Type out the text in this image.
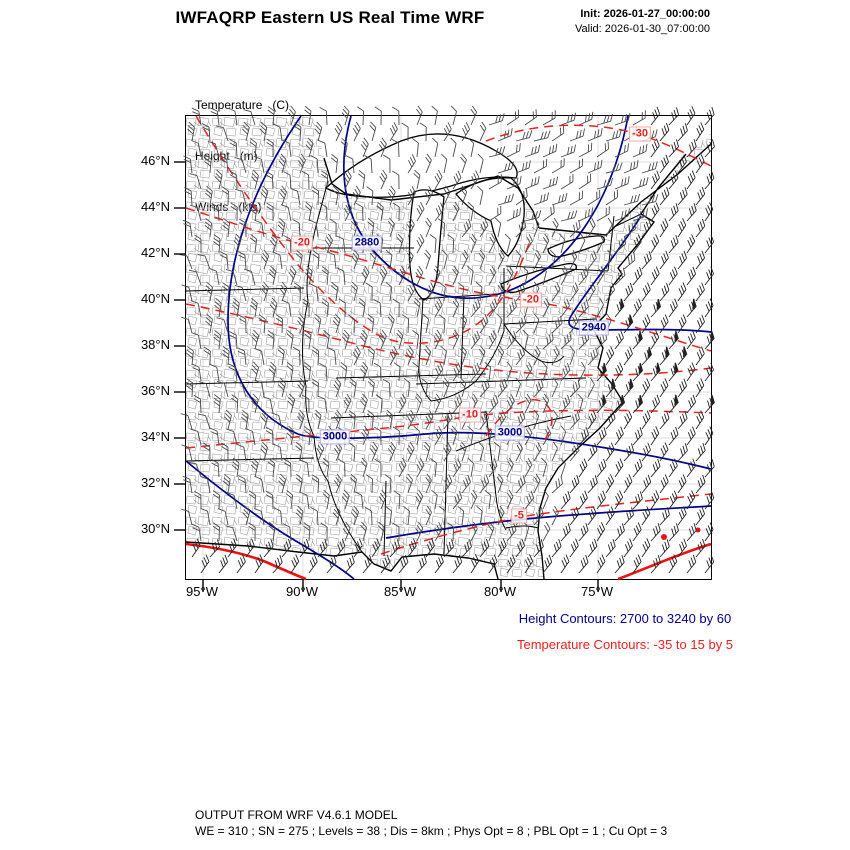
IWFAQRP Eastern US Real Time WRF	Init: 2026-01-27_00:00:00
Valid: 2026-01-30_07:00:00

Temperature   (C)

46°N
44°N
42°N
40°N
38°N
36°N
34°N
32°N
30°N
95°W	90°W	85°W	80°W	75°W
2880
2940
3000	3000
-30
-20
-20
-10
-5
Height Contours: 2700 to 3240 by 60
Temperature Contours: -35 to 15 by 5
OUTPUT FROM WRF V4.6.1 MODEL
WE = 310 ; SN = 275 ; Levels = 38 ; Dis = 8km ; Phys Opt = 8 ; PBL Opt = 1 ; Cu Opt = 3
